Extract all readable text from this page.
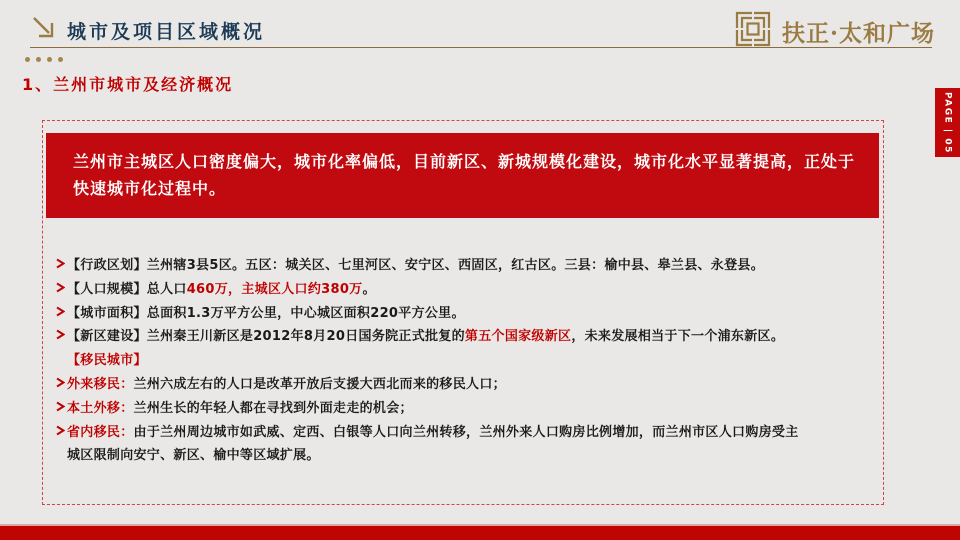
城市及项目区域概况	扶正·太和广场
1、兰州市城市及经济概况
PAGE | 05
兰州市主城区人口密度偏大，城市化率偏低，目前新区、新城规模化建设，城市化水平显著提高，正处于快速城市化过程中。
【行政区划】兰州辖3县5区。五区：城关区、七里河区、安宁区、西固区，红古区。三县：榆中县、皋兰县、永登县。
【人口规模】总人口460万，主城区人口约380万。
【城市面积】总面积1.3万平方公里，中心城区面积220平方公里。
【新区建设】兰州秦王川新区是2012年8月20日国务院正式批复的第五个国家级新区，未来发展相当于下一个浦东新区。
【移民城市】
外来移民：兰州六成左右的人口是改革开放后支援大西北而来的移民人口；
本土外移：兰州生长的年轻人都在寻找到外面走走的机会；
省内移民：由于兰州周边城市如武威、定西、白银等人口向兰州转移，兰州外来人口购房比例增加，而兰州市区人口购房受主城区限制向安宁、新区、榆中等区域扩展。
